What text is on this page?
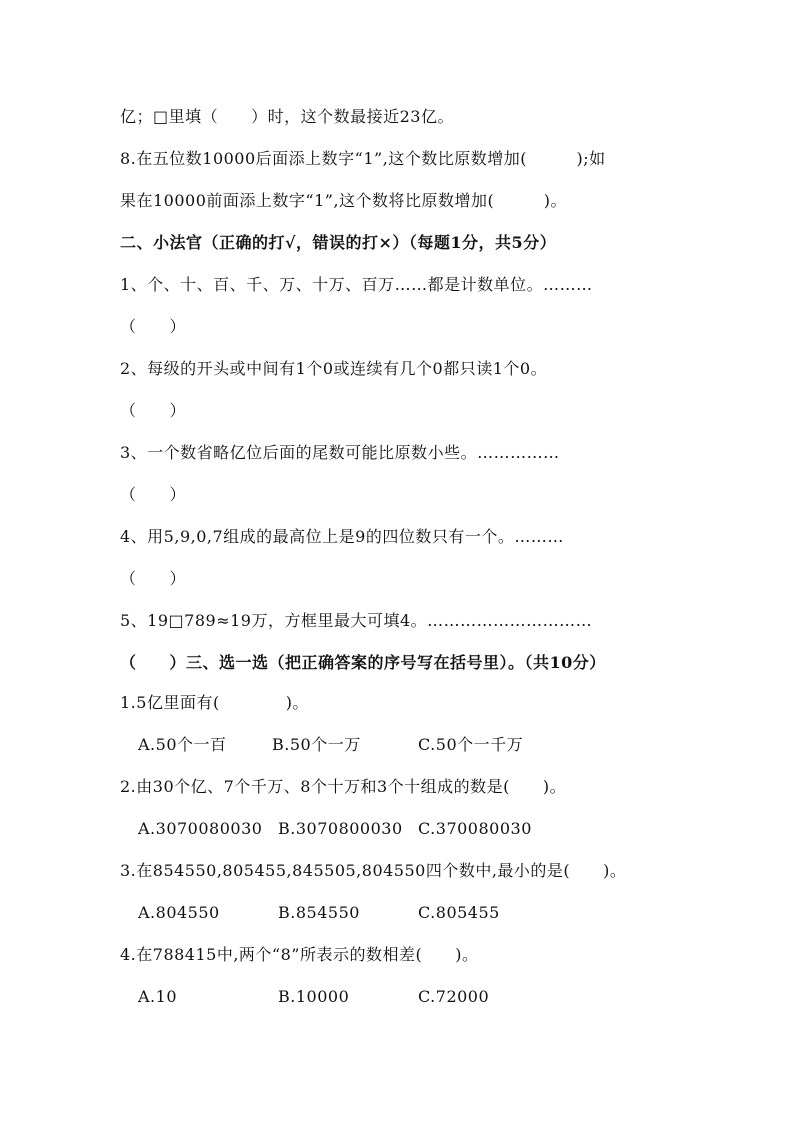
亿；□里填（　　）时，这个数最接近23亿。
8.在五位数10000后面添上数字“1”,这个数比原数增加(　　　);如
果在10000前面添上数字“1”,这个数将比原数增加(　　　)。
二、小法官（正确的打√，错误的打×）（每题1分，共5分）
1、个、十、百、千、万、十万、百万……都是计数单位。………
（　　）
2、每级的开头或中间有1个0或连续有几个0都只读1个0。
（　　）
3、一个数省略亿位后面的尾数可能比原数小些。……………
（　　）
4、用5,9,0,7组成的最高位上是9的四位数只有一个。………
（　　）
5、19□789≈19万，方框里最大可填4。…………………………
（　　）三、选一选（把正确答案的序号写在括号里）。（共10分）
1.5亿里面有(　　　　)。
A.50个一百	B.50个一万	C.50个一千万
2.由30个亿、7个千万、8个十万和3个十组成的数是(　　)。
A.3070080030 B.3070800030 C.370080030
3.在854550,805455,845505,804550四个数中,最小的是(　　)。
A.804550	B.854550	C.805455
4.在788415中,两个“8”所表示的数相差(　　)。
A.10	B.10000	C.72000
